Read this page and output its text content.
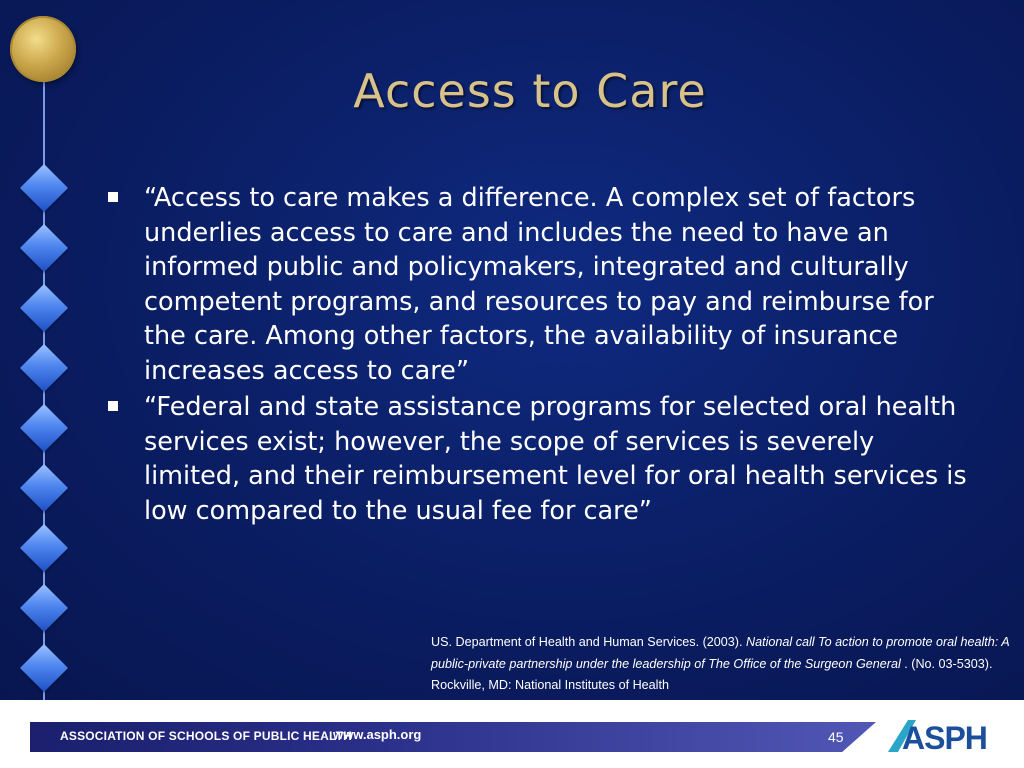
Access to Care
“Access to care makes a difference. A complex set of factors underlies access to care and includes the need to have an informed public and policymakers, integrated and culturally competent programs, and resources to pay and reimburse for the care. Among other factors, the availability of insurance increases access to care”
“Federal and state assistance programs for selected oral health services exist; however, the scope of services is severely limited, and their reimbursement level for oral health services is low compared to the usual fee for care”
US. Department of Health and Human Services. (2003). National call To action to promote oral health: A public-private partnership under the leadership of The Office of the Surgeon General . (No. 03-5303). Rockville, MD: National Institutes of Health
ASSOCIATION OF SCHOOLS OF PUBLIC HEALTH
www.asph.org	45 ASPH
